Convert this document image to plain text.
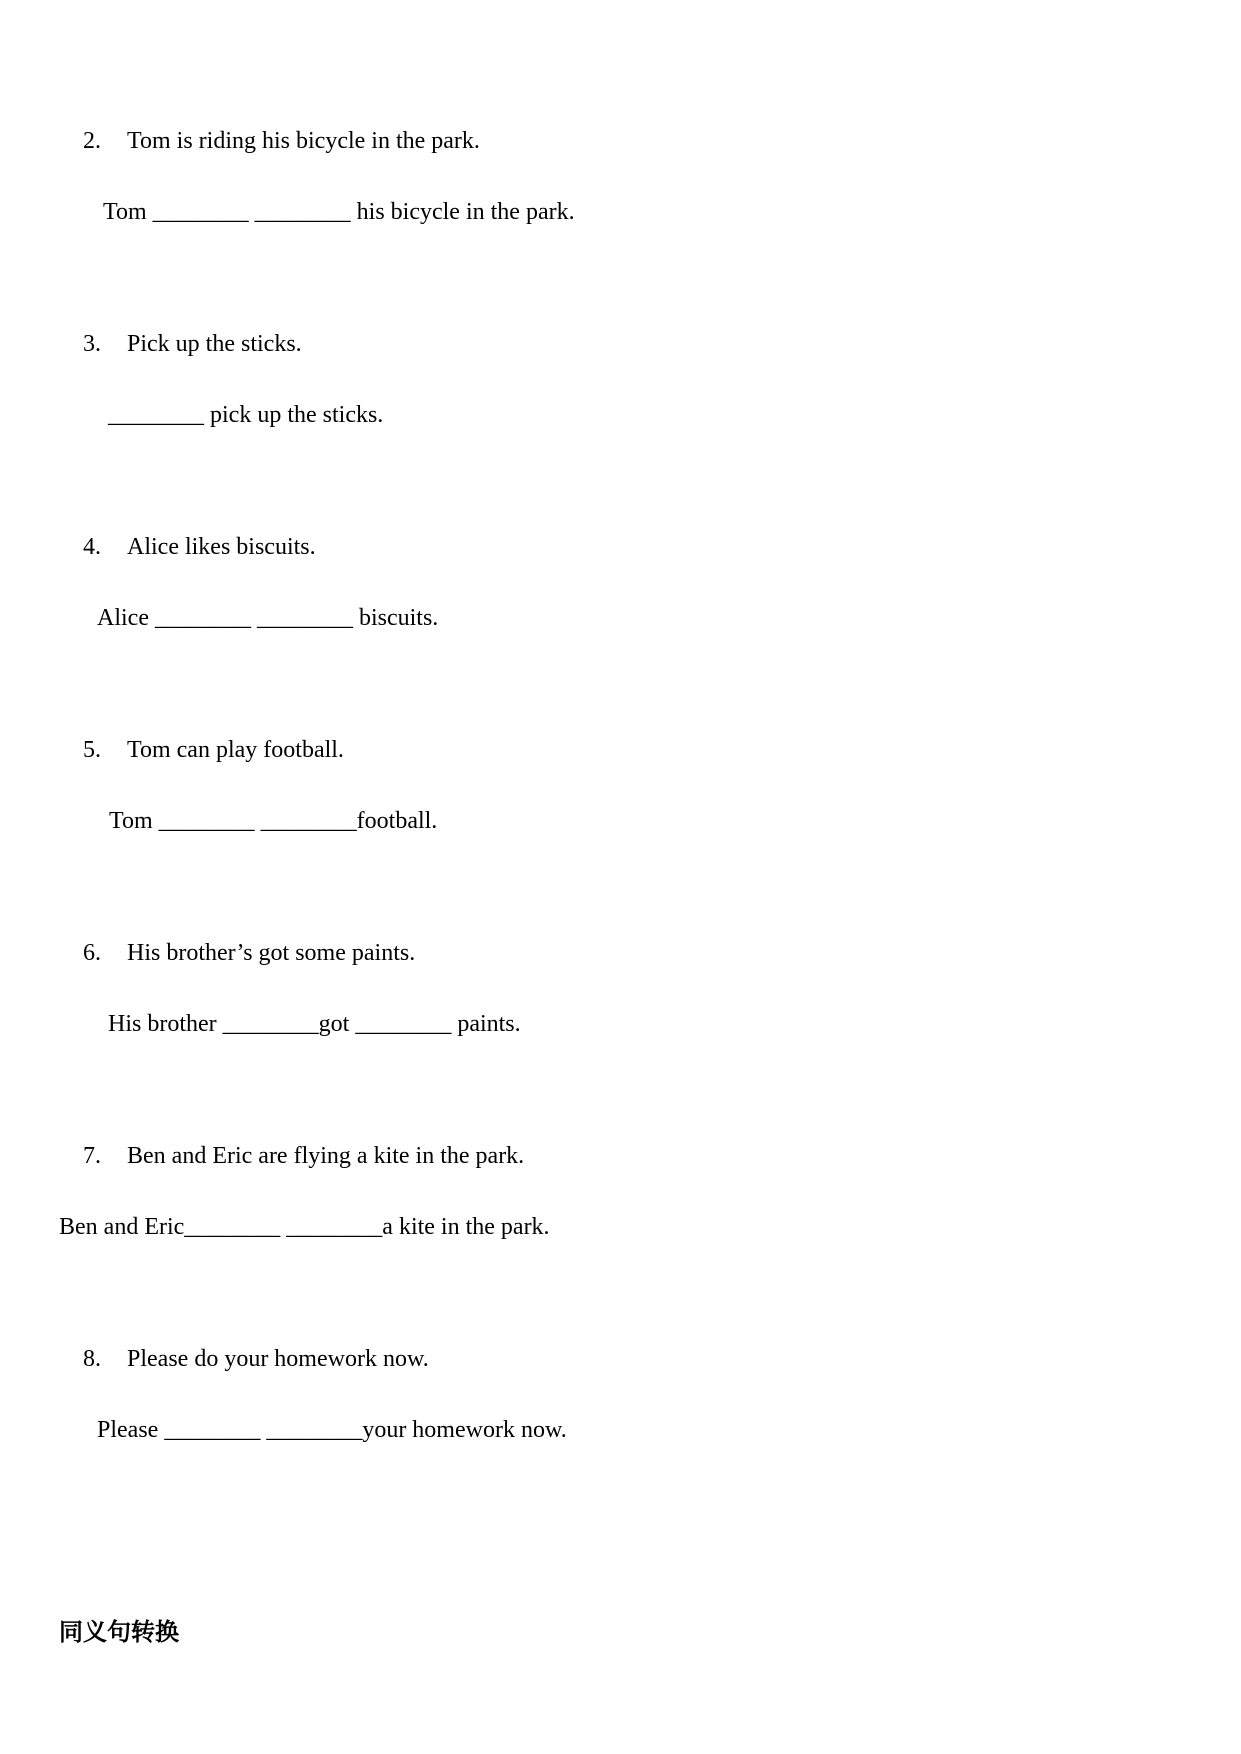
2. Tom is riding his bicycle in the park.

Tom ________ ________ his bicycle in the park.

3. Pick up the sticks.

________ pick up the sticks.

4. Alice likes biscuits.

Alice ________ ________ biscuits.

5. Tom can play football.

Tom ________ ________football.

6. His brother’s got some paints.

His brother ________got ________ paints.

7. Ben and Eric are flying a kite in the park.

Ben and Eric________ ________a kite in the park.

8. Please do your homework now.

Please ________ ________your homework now.
同义句转换
